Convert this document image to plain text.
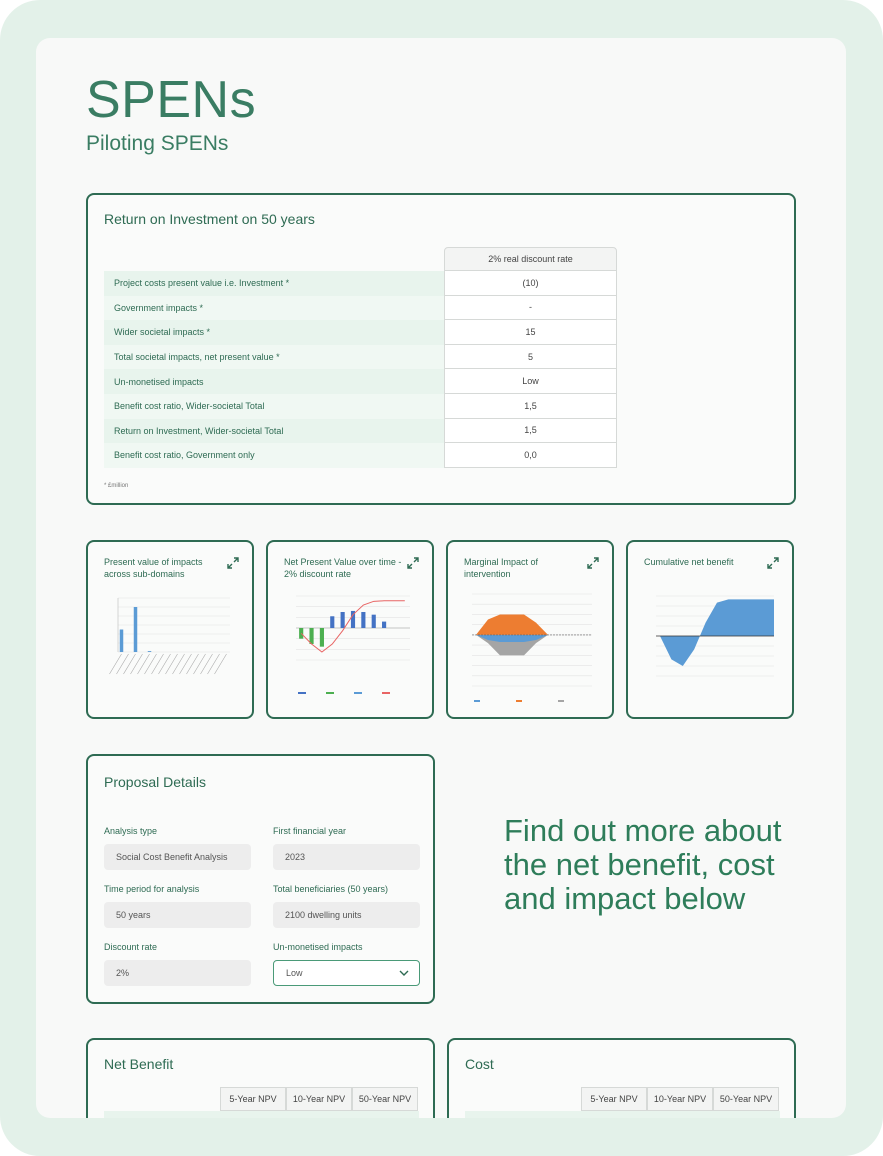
SPENs
Piloting SPENs
Return on Investment on 50 years
2% real discount rate
Project costs present value i.e. Investment *	(10)
Government impacts *	-
Wider societal impacts *	15
Total societal impacts, net present value *	5
Un-monetised impacts	Low
Benefit cost ratio, Wider-societal Total	1,5
Return on Investment, Wider-societal Total	1,5
Benefit cost ratio, Government only	0,0
* £million
Present value of impacts across sub-domains
Net Present Value over time - 2% discount rate
Marginal Impact of intervention
Cumulative net benefit
Proposal Details
Analysis type
Social Cost Benefit Analysis
First financial year
2023
Time period for analysis
50 years
Total beneficiaries (50 years)
2100 dwelling units
Discount rate
2%
Un-monetised impacts
Low
Find out more about the net benefit, cost and impact below
Net Benefit
5-Year NPV	10-Year NPV	50-Year NPV
Cost
5-Year NPV	10-Year NPV	50-Year NPV
